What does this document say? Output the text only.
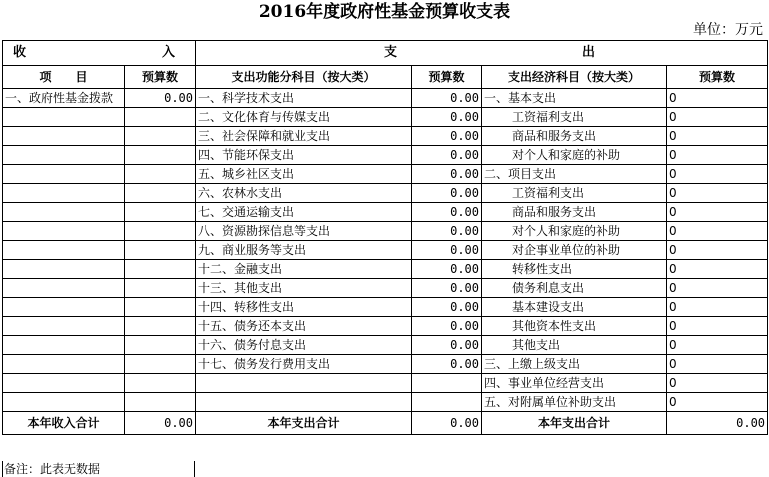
2016年度政府性基金预算收支表
单位：万元
收 入		支 出			

项　　目	预算数	支出功能分科目（按大类）	预算数	支出经济科目（按大类）	预算数
一、政府性基金拨款	0.00	一、科学技术支出	0.00	一、基本支出	0
		二、文化体育与传媒支出	0.00	工资福利支出	0
		三、社会保障和就业支出	0.00	商品和服务支出	0
		四、节能环保支出	0.00	对个人和家庭的补助	0
		五、城乡社区支出	0.00	二、项目支出	0
		六、农林水支出	0.00	工资福利支出	0
		七、交通运输支出	0.00	商品和服务支出	0
		八、资源勘探信息等支出	0.00	对个人和家庭的补助	0
		九、商业服务等支出	0.00	对企事业单位的补助	0
		十二、金融支出	0.00	转移性支出	0
		十三、其他支出	0.00	债务利息支出	0
		十四、转移性支出	0.00	基本建设支出	0
		十五、债务还本支出	0.00	其他资本性支出	0
		十六、债务付息支出	0.00	其他支出	0
		十七、债务发行费用支出	0.00	三、上缴上级支出	0
				四、事业单位经营支出	0
				五、对附属单位补助支出	0
本年收入合计	0.00	本年支出合计	0.00	本年支出合计	0.00
备注：此表无数据
